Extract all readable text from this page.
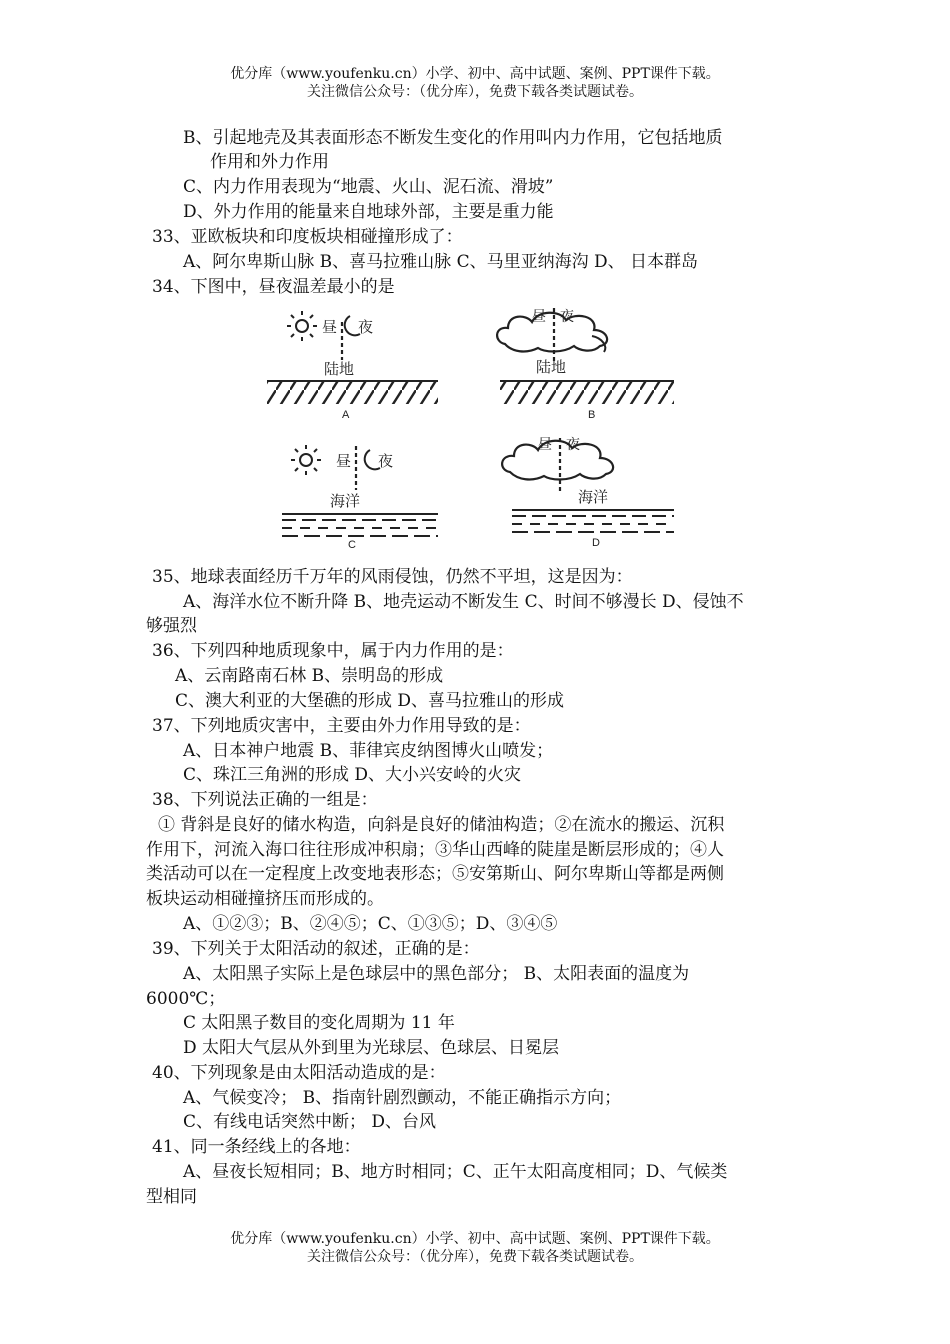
优分库（www.youfenku.cn）小学、初中、高中试题、案例、PPT课件下载。
关注微信公众号：（优分库），免费下载各类试题试卷。
B、引起地壳及其表面形态不断发生变化的作用叫内力作用，它包括地质
作用和外力作用
C、内力作用表现为“地震、火山、泥石流、滑坡”
D、外力作用的能量来自地球外部，主要是重力能
33、亚欧板块和印度板块相碰撞形成了：
A、阿尔卑斯山脉 B、喜马拉雅山脉 C、马里亚纳海沟 D、 日本群岛
34、下图中，昼夜温差最小的是
35、地球表面经历千万年的风雨侵蚀，仍然不平坦，这是因为：
A、海洋水位不断升降 B、地壳运动不断发生 C、时间不够漫长 D、侵蚀不
够强烈
36、下列四种地质现象中，属于内力作用的是：
A、云南路南石林 B、崇明岛的形成
C、澳大利亚的大堡礁的形成 D、喜马拉雅山的形成
37、下列地质灾害中，主要由外力作用导致的是：
A、日本神户地震 B、菲律宾皮纳图博火山喷发；
C、珠江三角洲的形成 D、大小兴安岭的火灾
38、下列说法正确的一组是：
① 背斜是良好的储水构造，向斜是良好的储油构造；②在流水的搬运、沉积
作用下，河流入海口往往形成冲积扇；③华山西峰的陡崖是断层形成的；④人
类活动可以在一定程度上改变地表形态；⑤安第斯山、阿尔卑斯山等都是两侧
板块运动相碰撞挤压而形成的。
A、①②③；B、②④⑤；C、①③⑤；D、③④⑤
39、下列关于太阳活动的叙述，正确的是：
A、太阳黑子实际上是色球层中的黑色部分； B、太阳表面的温度为
6000℃；
C 太阳黑子数目的变化周期为 11 年
D 太阳大气层从外到里为光球层、色球层、日冕层
40、下列现象是由太阳活动造成的是：
A、气候变冷； B、指南针剧烈颤动，不能正确指示方向；
C、有线电话突然中断； D、台风
41、同一条经线上的各地：
A、昼夜长短相同；B、地方时相同；C、正午太阳高度相同；D、气候类
型相同
昼 夜
陆地
A
昼 夜
陆地
B
昼 夜
海洋
C
昼 夜
海洋
D
优分库（www.youfenku.cn）小学、初中、高中试题、案例、PPT课件下载。
关注微信公众号：（优分库），免费下载各类试题试卷。
